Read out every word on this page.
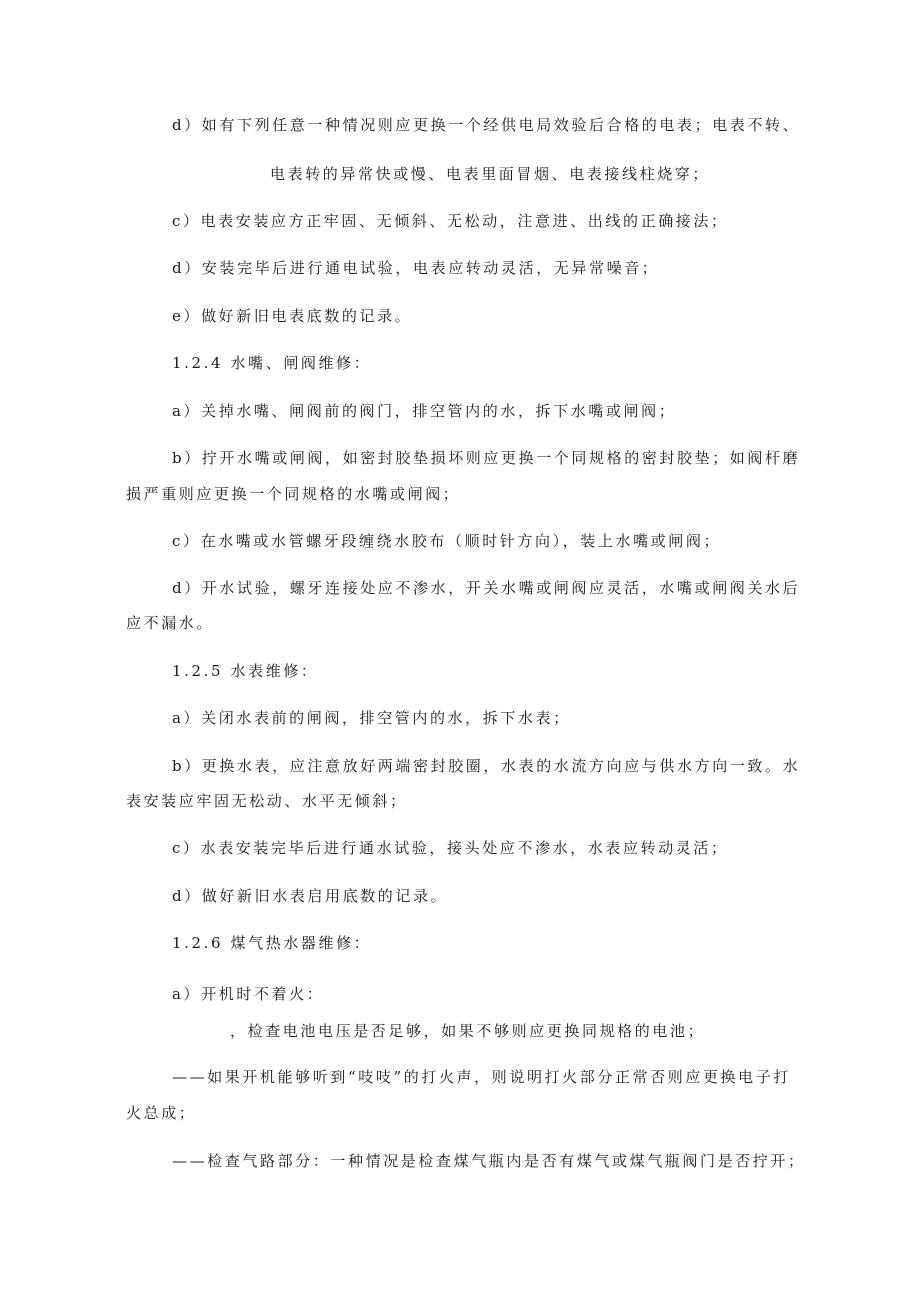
d）如有下列任意一种情况则应更换一个经供电局效验后合格的电表；电表不转、
电表转的异常快或慢、电表里面冒烟、电表接线柱烧穿；
c）电表安装应方正牢固、无倾斜、无松动，注意进、出线的正确接法；
d）安装完毕后进行通电试验，电表应转动灵活，无异常噪音；
e）做好新旧电表底数的记录。
1.2.4 水嘴、闸阀维修：
a）关掉水嘴、闸阀前的阀门，排空管内的水，拆下水嘴或闸阀；
b）拧开水嘴或闸阀，如密封胶垫损坏则应更换一个同规格的密封胶垫；如阀杆磨
损严重则应更换一个同规格的水嘴或闸阀；
c）在水嘴或水管螺牙段缠绕水胶布（顺时针方向），装上水嘴或闸阀；
d）开水试验，螺牙连接处应不渗水，开关水嘴或闸阀应灵活，水嘴或闸阀关水后
应不漏水。
1.2.5 水表维修：
a）关闭水表前的闸阀，排空管内的水，拆下水表；
b）更换水表，应注意放好两端密封胶圈，水表的水流方向应与供水方向一致。水
表安装应牢固无松动、水平无倾斜；
c）水表安装完毕后进行通水试验，接头处应不渗水，水表应转动灵活；
d）做好新旧水表启用底数的记录。
1.2.6 煤气热水器维修：
a）开机时不着火：
，检查电池电压是否足够，如果不够则应更换同规格的电池；
——如果开机能够听到“吱吱”的打火声，则说明打火部分正常否则应更换电子打
火总成；
——检查气路部分：一种情况是检查煤气瓶内是否有煤气或煤气瓶阀门是否拧开；
